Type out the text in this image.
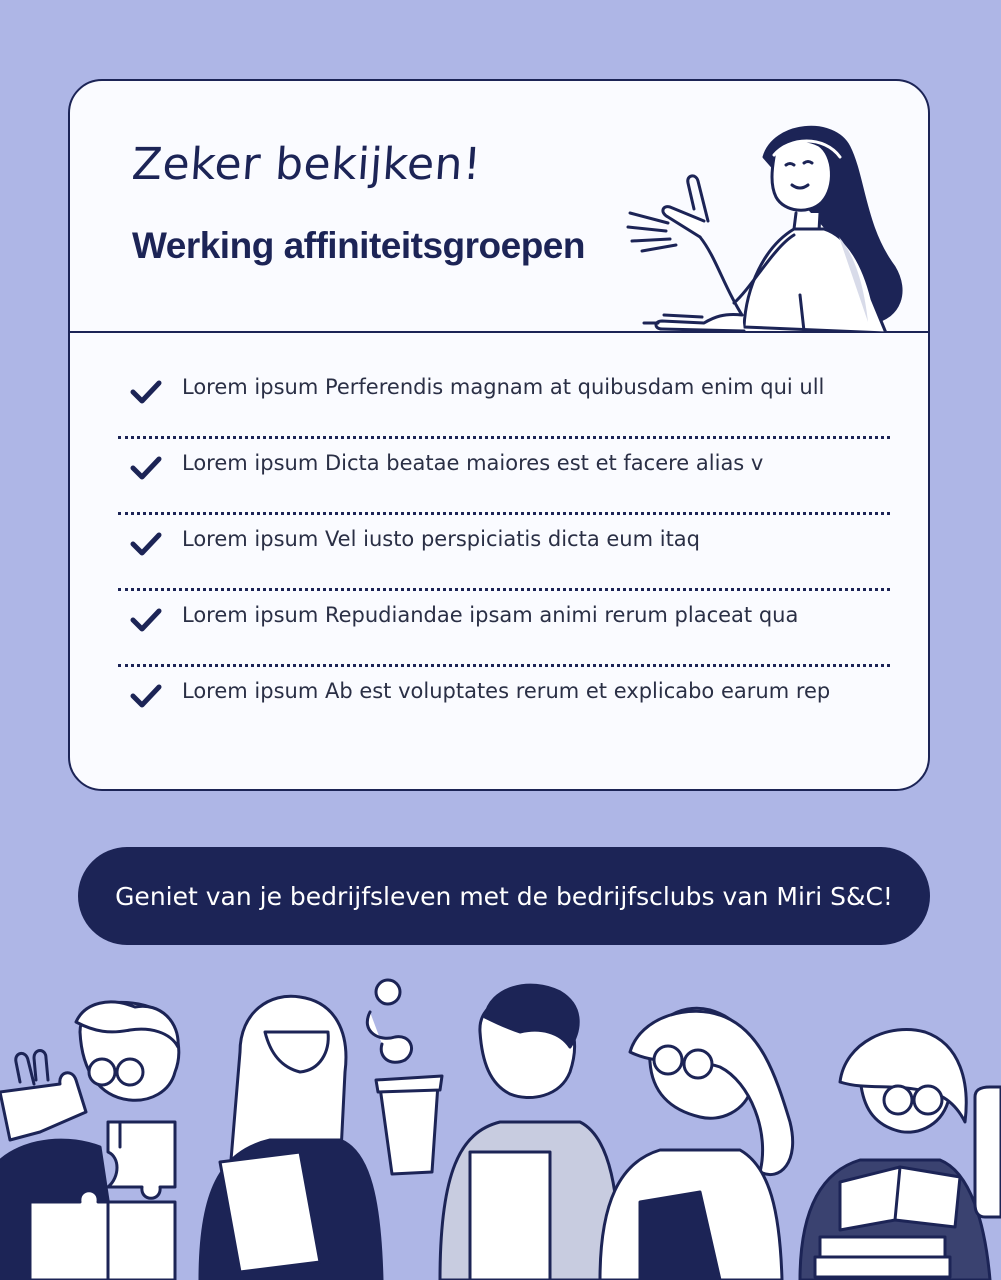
Zeker bekijken!
Werking affiniteitsgroepen
Lorem ipsum Perferendis magnam at quibusdam enim qui ull
Lorem ipsum Dicta beatae maiores est et facere alias v
Lorem ipsum Vel iusto perspiciatis dicta eum itaq
Lorem ipsum Repudiandae ipsam animi rerum placeat qua
Lorem ipsum Ab est voluptates rerum et explicabo earum rep
Geniet van je bedrijfsleven met de bedrijfsclubs van Miri S&C!
